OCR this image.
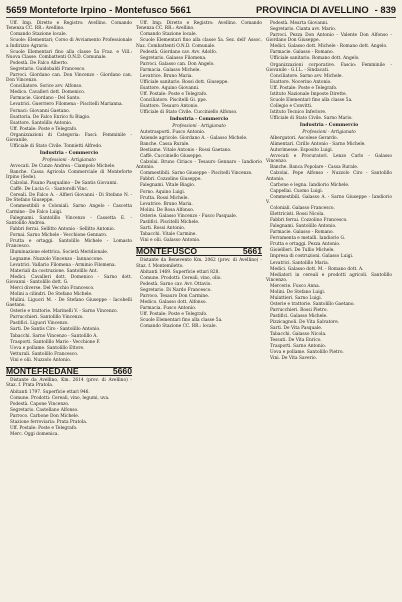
5659 Monteforte Irpino - Montefusco 5661	PROVINCIA DI AVELLINO - 839

Uff. Imp. Diretto e Registro: Avellino. Comando Tenenza CC. RR.: Avellino.

Comando Stazione locale.

Scuole: Elementari; Corso di Avviamento Professionale a Indirizzo Agrario.

Scuole Elementari fino alla classe 5a Fraz. e Vill.: Nuova Classe. Combattenti O.N.D. Comunale.

Podestà. De Falco Alberto.

Segretario. Guidobaldi Francesco.

Parroci. Giordano can. Don Vincenzo - Giordano can. Don Vincenzo.

Conciliatore. Sorice avv. Alfonso.

Medico. Cavalleri dott. Domenico.

Farmacie. Giordano - Del Santo.

Levatrici. Guerriero Filomena - Piscitelli Marianna.

Fornaci: Giovanni Gaetano.

Esattoria. De Falco Enrico fu Biagio.

Esattore. Santolillo Antonio.

Uff. Postale: Poste e Telegrafo.

Organizzazioni di Categoria: Fasci: Femminile - Giovanile.

Ufficiale di Stato Civile. Tonnietti Alfredo.

Industria - Commercio
Professioni - Artigianato

Avvocati. De Cunzo Andrea - Ciampolo Michele.

Banche. Cassa Agricola Commerciale di Monteforte Irpino (Sede).

Calzolai. Pisano Pasqualino - De Santis Giovanni.

Caffè. De Lucia G. - Santorelli Vinc.

Cereali. De Falco A. - Alfieri Giovanni - Di Stefano N. - De Stefano Giuseppe.

Commestibili e Coloniali. Sarno Angelo - Cascetta Carmine - De Falco Luigi.

Falegnami. Santolillo Vincenzo - Cassetta E. - Santolillo Andrea.

Fabbri ferrai. Sellitto Antonio - Sellitto Antonio.

Fornai. Sarno Michele - Vecchione Gennaro.

Frutta e ortaggi. Santolillo Michele - Lomasto Francesco.

Illuminazione elettrica. Società Meridionale.

Legname. Nuzzolo Vincenzo - Iannaccone.

Levatrici. Vallario Filomena - Arminio Filomena.

Materiali da costruzione. Santolillo Ant.

Medici. Cavalleri dott. Domenico - Sarno dott. Giovanni - Santolillo dott. G.

Merci diverse. Del Vecchio Francesco.

Molini a cilindri. De Stefano Michele.

Mulini. Liguori M. - De Stefano Giuseppe - Iacobelli Gaetano.

Osterie e trattorie. Marinelli V. - Sarno Vincenzo.

Parrucchieri. Santolillo Vincenzo.

Pastifici. Liguori Vincenzo.

Sarti. De Santis Ciro - Santolillo Antonio.

Tabacchi. Sarno Vincenzo - Santolillo A.

Trasporti. Santolillo Mario - Vecchione F.

Uova e pollame. Santolillo Ettore.

Vetturali. Santolillo Francesco.

Vini e olii. Nuzzolo Antonio.

MONTEFREDANE	5660

Distante da Avellino, Km. 2614 (prov. di Avellino) - Staz. f. Prata Pratola.

Abitanti 1797. Superficie ettari 946.

Comune. Prodotti: Cereali, vino, legumi, uva.

Podestà. Capone Vincenzo.

Segretario. Castellano Alfonso.

Parroco. Carbone Don Michele.

Stazione ferroviaria: Prata Pratola.

Uff. Postale: Poste e Telegrafo.

Merc. Oggi domenica.

Uff. Imp. Diretto e Registro: Avellino. Comando Tenenza CC. RR.: Avellino.

Comando Stazione locale.

Scuole Elementari fino alla classe 5a. Sez. dell' Assoc. Naz. Combattenti O.N.D. Comunale.

Podestà. Giordano cav. Avv. Adolfo.

Segretario. Galasso Filomena.

Parroci. Galasso can. Don Angelo.

Farmacia. Galasso Michele.

Levatrice. Bruno Maria.

Ufficiale sanitario. Rossi dott. Giuseppe.

Esattore. Aquino Giovanni.

Uff. Postale: Poste e Telegrafo.

Conciliatore. Piscitelli Gi. ppe.

Esattore. Tesauro Antonio.

Ufficiale di Stato Civile. Cucciniello Alfonso.

Industria - Commercio
Professioni - Artigianato

Autotrasporti. Fusco Antonio.

Aziende agricole. Giordano A. - Galasso Michele.

Banche. Cassa Rurale.

Bestiame. Vitale Antonio - Rossi Gaetano.

Caffè. Cucciniello Giuseppe.

Calzolai. Bruno Ciriaco - Tesauro Gennaro - Iandiorio Antonio.

Commestibili. Sarno Giuseppe - Piscitelli Vincenzo.

Fabbri. Cozzolino Giuseppe.

Falegnami. Vitale Biagio.

Forno. Aquino Luigi.

Frutta. Rossi Michele.

Levatrice. Bruno Maria.

Molini. De Rosa Alfonso.

Osterie. Galasso Vincenzo - Fusco Pasquale.

Pastifici. Piscitelli Michele.

Sarti. Rossi Antonio.

Tabacchi. Vitale Carmine.

Vini e olii. Galasso Antonio.

MONTEFUSCO	5661

Distante da Benevento Km. 2062 (prov. di Avellino) - Staz. f. Montemiletto.

Abitanti 1469. Superficie ettari 828.

Comune. Prodotti: Cereali, vino, olio.

Podestà. Sarno cav. Avv. Ottavio.

Segretario. Di Nardo Francesco.

Parroco. Tesauro Don Carmine.

Medico. Galasso dott. Alfonso.

Farmacia. Fusco Antonio.

Uff. Postale: Poste e Telegrafo.

Scuole Elementari fino alla classe 5a.

Comando Stazione CC. RR.: locale.

Podestà. Mearta Giovanni.

Segretario. Cianta avv. Mario.

Parroci. Pezza Don Antonio - Valente Don Alfonso - Giordano Don Giuseppe.

Medici. Galasso dott. Michele - Romano dott. Angelo.

Farmacie. Galasso - Romano.

Ufficiale sanitario. Romano dott. Angelo.

Organizzazioni corporative. Fascio: Femminile - Giovanile - G.I.L. - Sindacati.

Conciliatore. Sarno avv. Michele.

Esattore. Nocerino Antonio.

Uff. Postale: Poste e Telegrafo.

Istituto Nazionale Imposte Dirette.

Scuole Elementari fino alla classe 5a.

Collegio e Convitti.

Istituto Tecnico Inferiore.

Ufficiale di Stato Civile. Sarno Mario.

Industria - Commercio
Professioni - Artigianato

Albergatori. Ascolese Gerardo.

Alimentari. Cirillo Antonio - Sarno Michele.

Autorimesse. Esposito Luigi.

Avvocati e Procuratori. Lenzo Carlo - Galasso Vincenzo.

Banche. Banca Popolare - Cassa Rurale.

Calzolai. Pepe Alfonso - Nuzzolo Ciro - Santolillo Antonio.

Carbone e legna. Iandiorio Michele.

Cappellai. Cuomo Luigi.

Commestibili. Galasso A. - Sarno Giuseppe - Iandiorio V.

Coloniali. Galasso Francesco.

Elettricisti. Rossi Nicola.

Fabbri ferrai. Cozzolino Francesco.

Falegnami. Santolillo Antonio.

Farmacie. Galasso - Romano.

Ferramenta e metalli. Iandiorio G.

Frutta e ortaggi. Pezza Antonio.

Gioiellieri. De Tullio Michele.

Impresa di costruzioni. Galasso Luigi.

Levatrici. Santolillo Maria.

Medici. Galasso dott. M. - Romano dott. A.

Mediatori in cereali e prodotti agricoli. Santolillo Vincenzo.

Mercerie. Fusco Anna.

Molini. De Stefano Luigi.

Mulattieri. Sarno Luigi.

Osterie e trattorie. Santolillo Gaetano.

Parrucchieri. Rossi Pietro.

Pastifici. Galasso Michele.

Pizzicagnoli. De Vita Salvatore.

Sarti. De Vita Pasquale.

Tabacchi. Galasso Nicola.

Tessuti. De Vita Enrico.

Trasporti. Sarno Antonio.

Uova e pollame. Santolillo Pietro.

Vini. De Vita Saverio.
